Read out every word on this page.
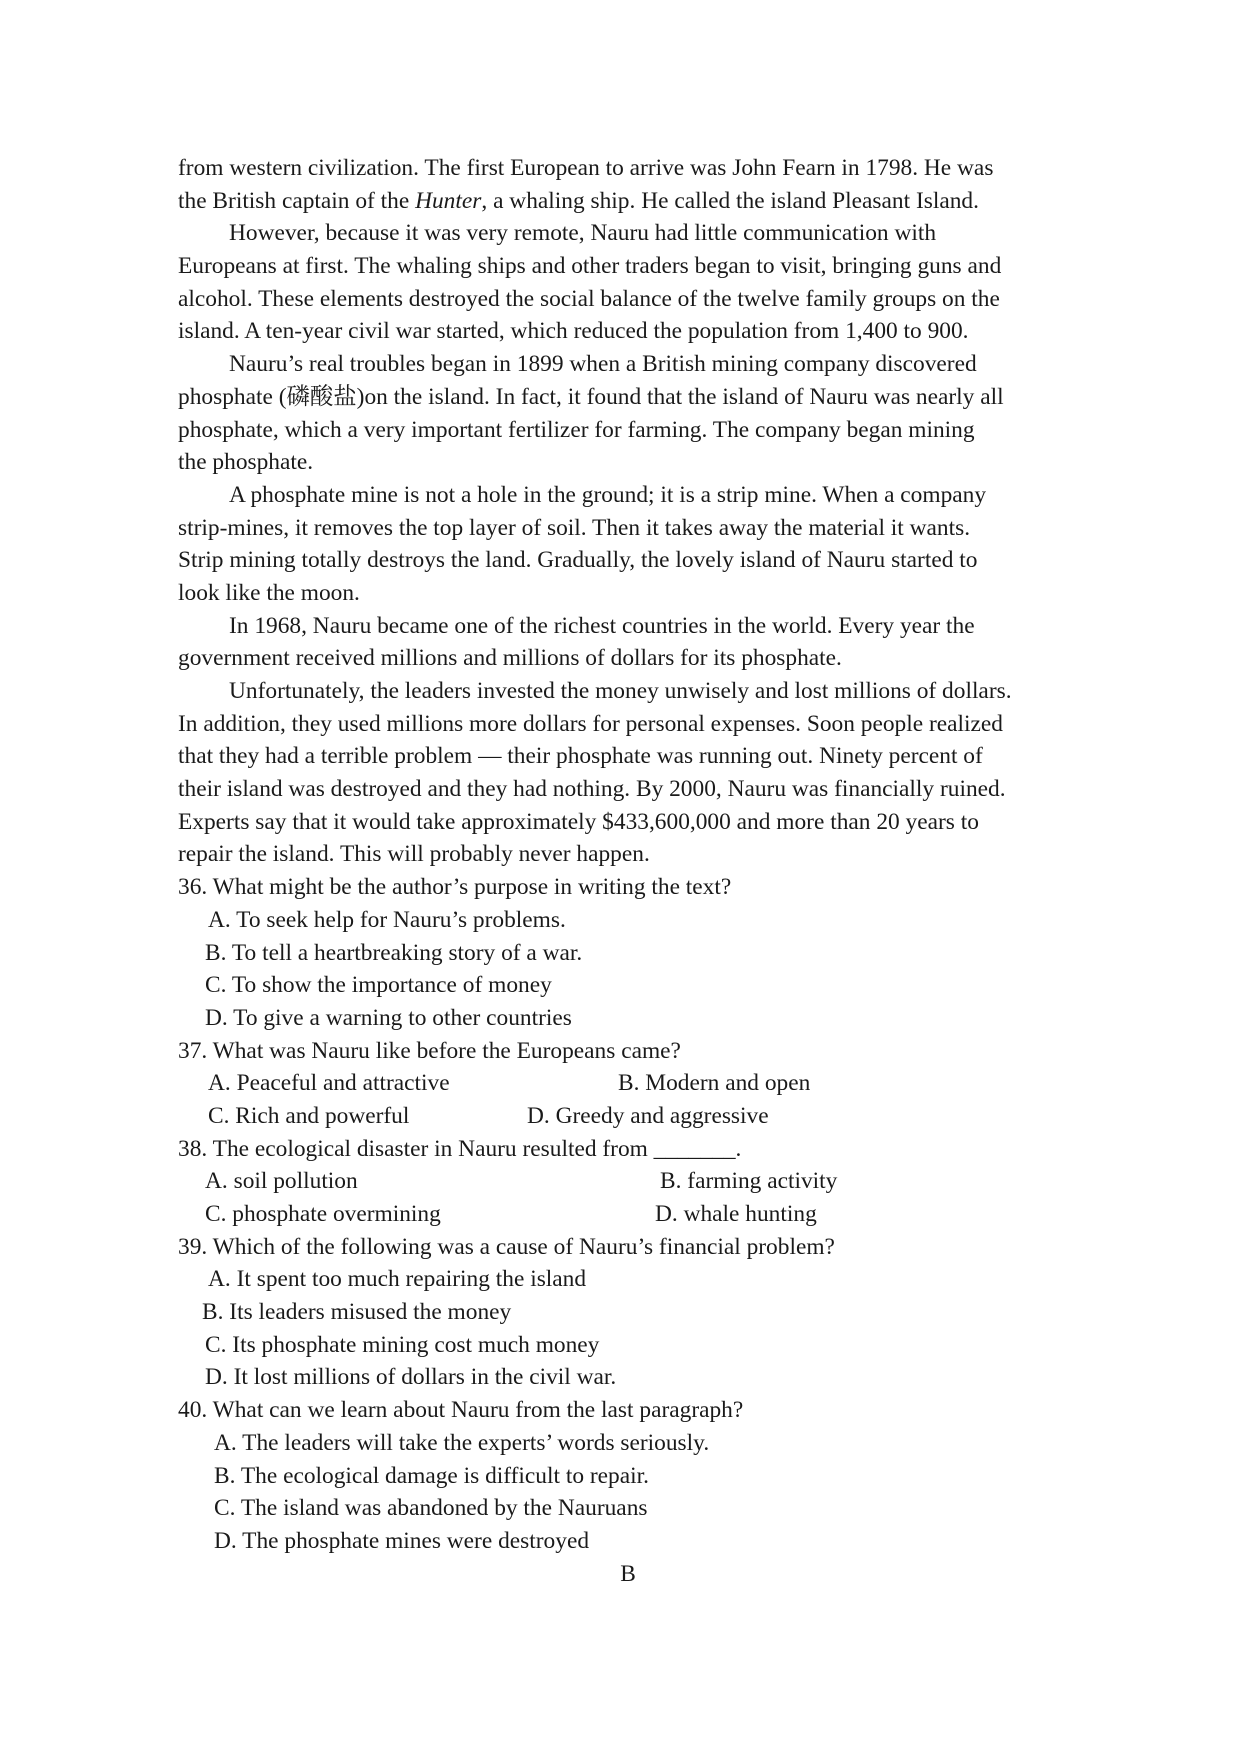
from western civilization. The first European to arrive was John Fearn in 1798. He was
the British captain of the Hunter, a whaling ship. He called the island Pleasant Island.
However, because it was very remote, Nauru had little communication with
Europeans at first. The whaling ships and other traders began to visit, bringing guns and
alcohol. These elements destroyed the social balance of the twelve family groups on the
island. A ten-year civil war started, which reduced the population from 1,400 to 900.
Nauru’s real troubles began in 1899 when a British mining company discovered
phosphate (磷酸盐)on the island. In fact, it found that the island of Nauru was nearly all
phosphate, which a very important fertilizer for farming. The company began mining
the phosphate.
A phosphate mine is not a hole in the ground; it is a strip mine. When a company
strip-mines, it removes the top layer of soil. Then it takes away the material it wants.
Strip mining totally destroys the land. Gradually, the lovely island of Nauru started to
look like the moon.
In 1968, Nauru became one of the richest countries in the world. Every year the
government received millions and millions of dollars for its phosphate.
Unfortunately, the leaders invested the money unwisely and lost millions of dollars.
In addition, they used millions more dollars for personal expenses. Soon people realized
that they had a terrible problem — their phosphate was running out. Ninety percent of
their island was destroyed and they had nothing. By 2000, Nauru was financially ruined.
Experts say that it would take approximately $433,600,000 and more than 20 years to
repair the island. This will probably never happen.
36. What might be the author’s purpose in writing the text?
A. To seek help for Nauru’s problems.
B. To tell a heartbreaking story of a war.
C. To show the importance of money
D. To give a warning to other countries
37. What was Nauru like before the Europeans came?

A. Peaceful and attractive

	B. Modern and open

C. Rich and powerful

	D. Greedy and aggressive

38. The ecological disaster in Nauru resulted from _______.

A. soil pollution

	B. farming activity

C. phosphate overmining

	D. whale hunting

39. Which of the following was a cause of Nauru’s financial problem?
A. It spent too much repairing the island
B. Its leaders misused the money
C. Its phosphate mining cost much money
D. It lost millions of dollars in the civil war.
40. What can we learn about Nauru from the last paragraph?
A. The leaders will take the experts’ words seriously.
B. The ecological damage is difficult to repair.
C. The island was abandoned by the Nauruans
D. The phosphate mines were destroyed
B
